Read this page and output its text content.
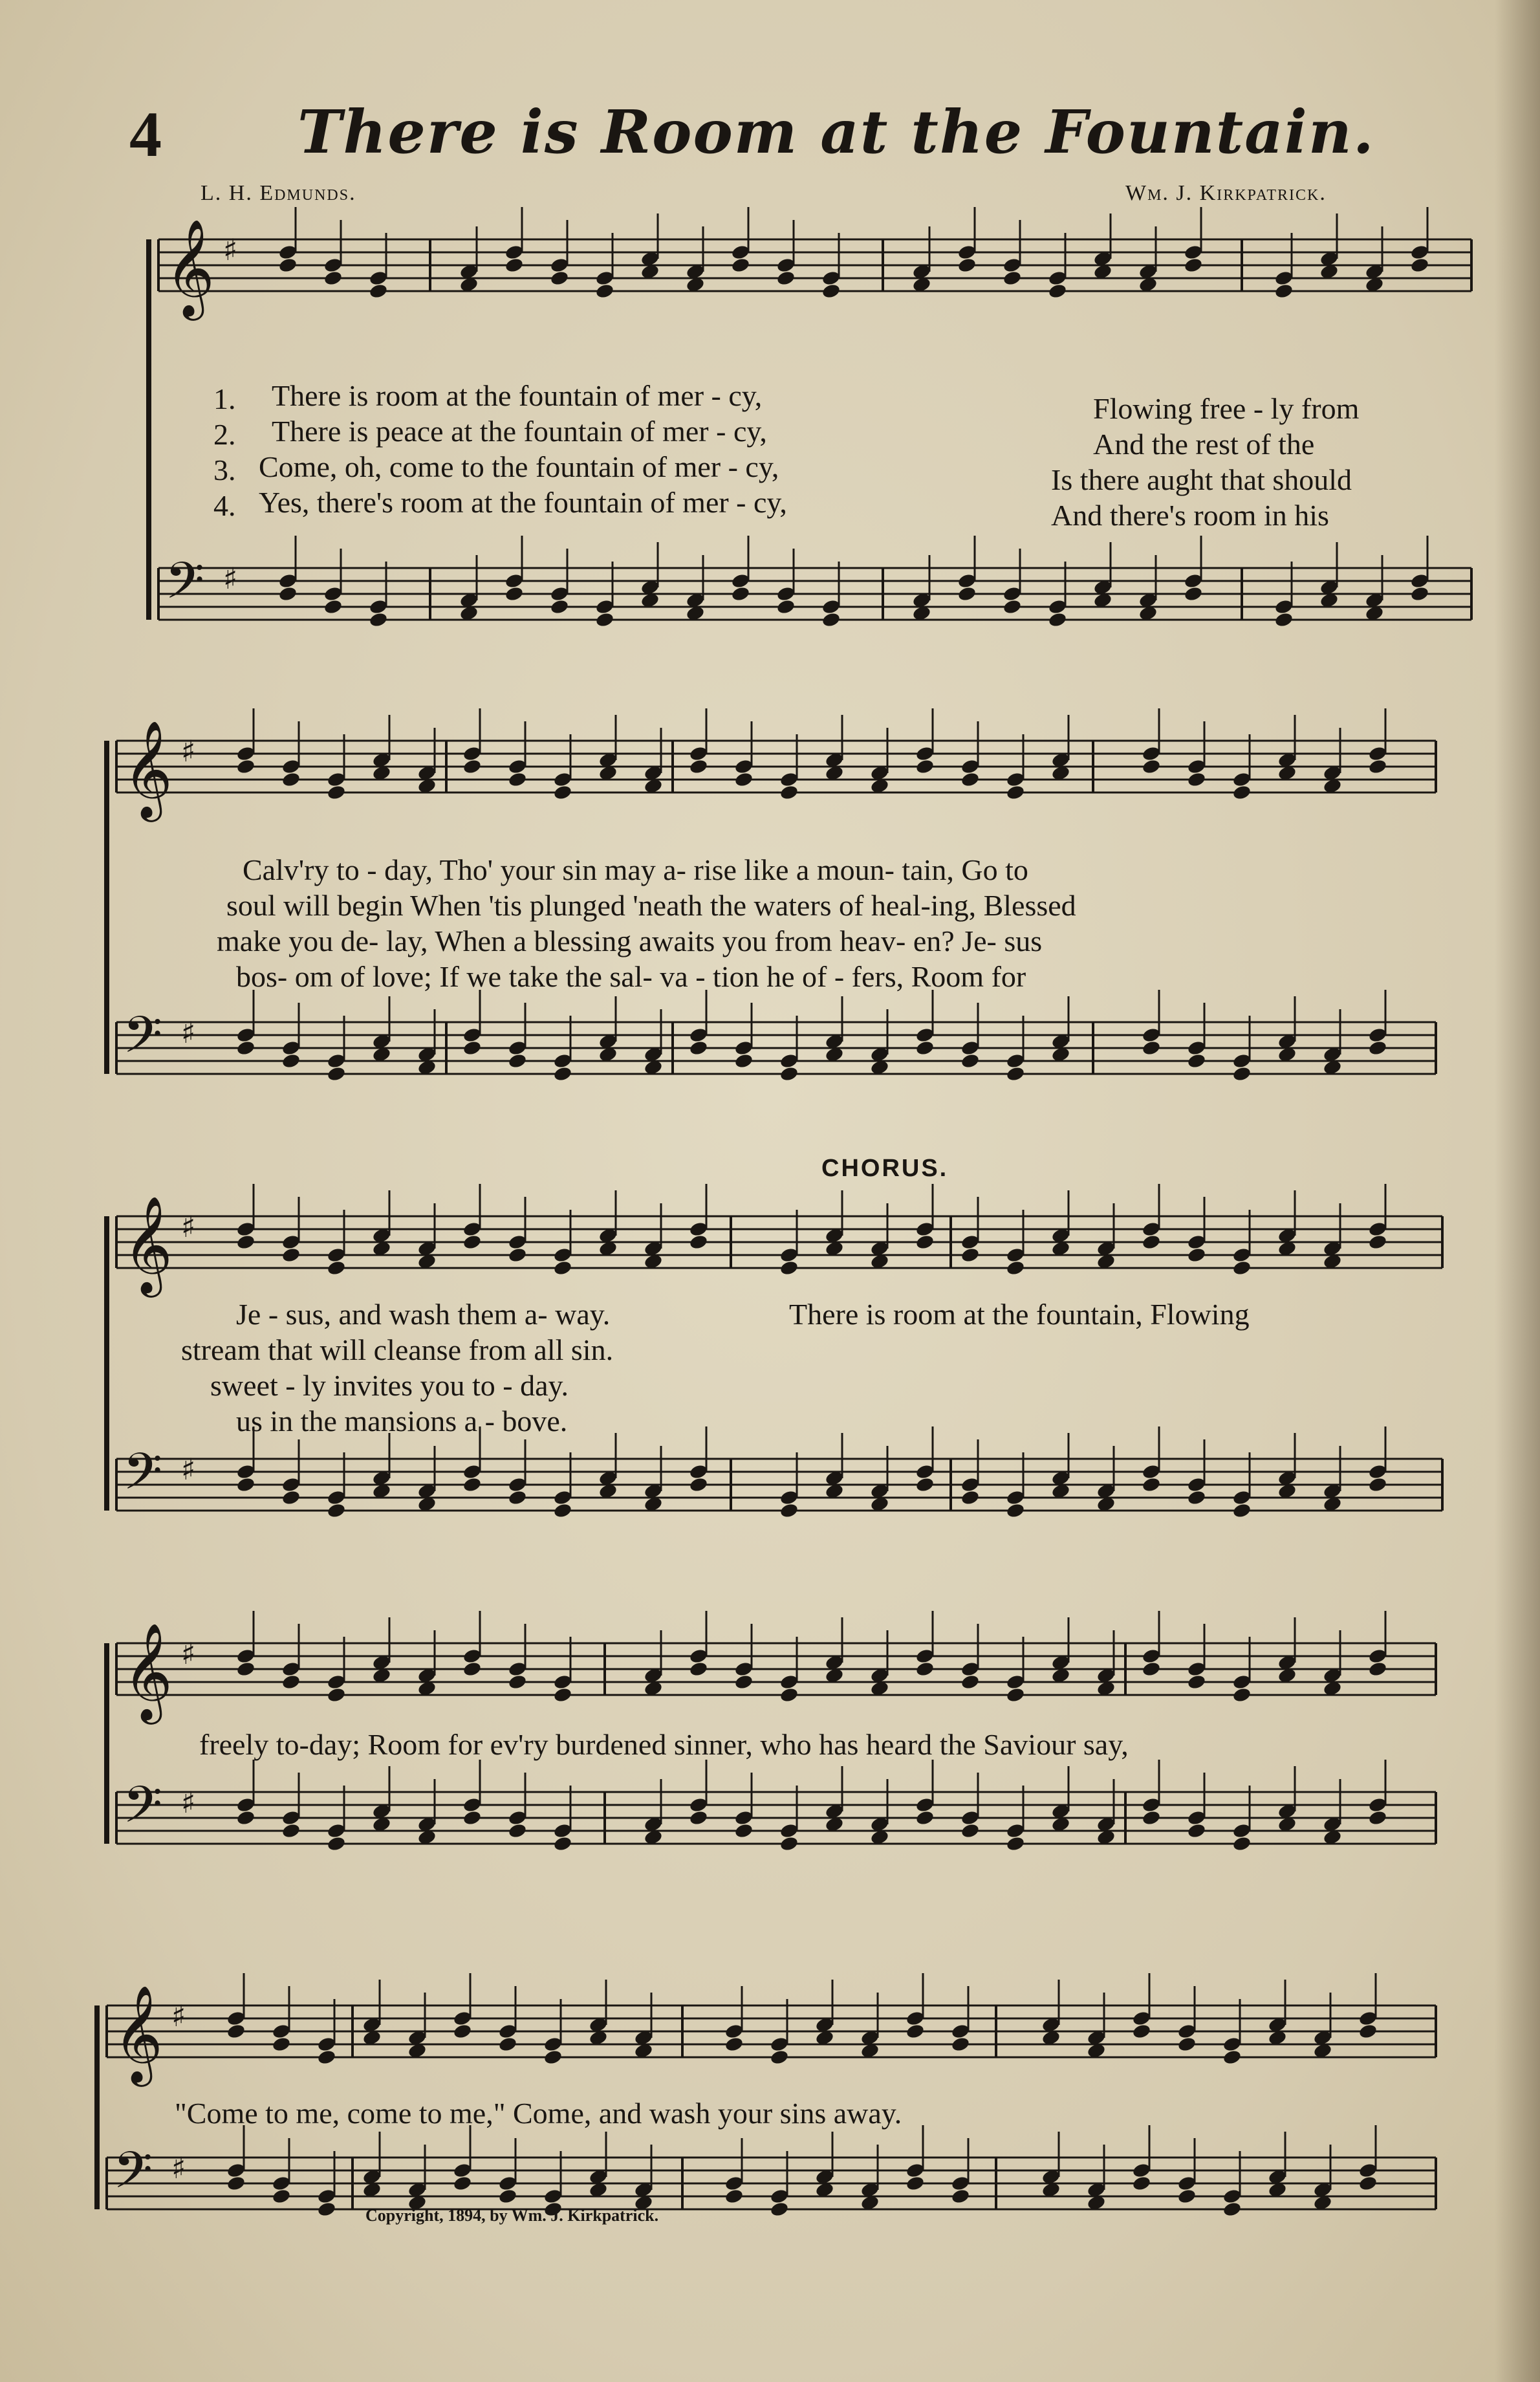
4 There is Room at the Fountain.
L. H. Edmunds.	Wm. J. Kirkpatrick.
𝄞 ♯
𝄢 ♯
𝄞 ♯
𝄢 ♯
𝄞 ♯
𝄢 ♯
𝄞 ♯
𝄢 ♯
𝄞 ♯
𝄢 ♯
1. There is room at the fountain of mer - cy,	Flowing free - ly from
2. There is peace at the fountain of mer - cy,	And the rest of the
3. Come, oh, come to the fountain of mer - cy,	Is there aught that should
4. Yes, there's room at the fountain of mer - cy,	And there's room in his
Calv'ry to - day, Tho' your sin may a- rise like a moun- tain, Go to
soul will begin When 'tis plunged 'neath the waters of heal-ing, Blessed
make you de- lay, When a blessing awaits you from heav- en? Je- sus
bos- om of love; If we take the sal- va - tion he of - fers, Room for
CHORUS.
Je - sus, and wash them a- way.
stream that will cleanse from all sin.
sweet - ly invites you to - day.
us in the mansions a - bove.
There is room at the fountain, Flowing
freely to-day; Room for ev'ry burdened sinner, who has heard the Saviour say,
"Come to me, come to me," Come, and wash your sins away.
Copyright, 1894, by Wm. J. Kirkpatrick.
